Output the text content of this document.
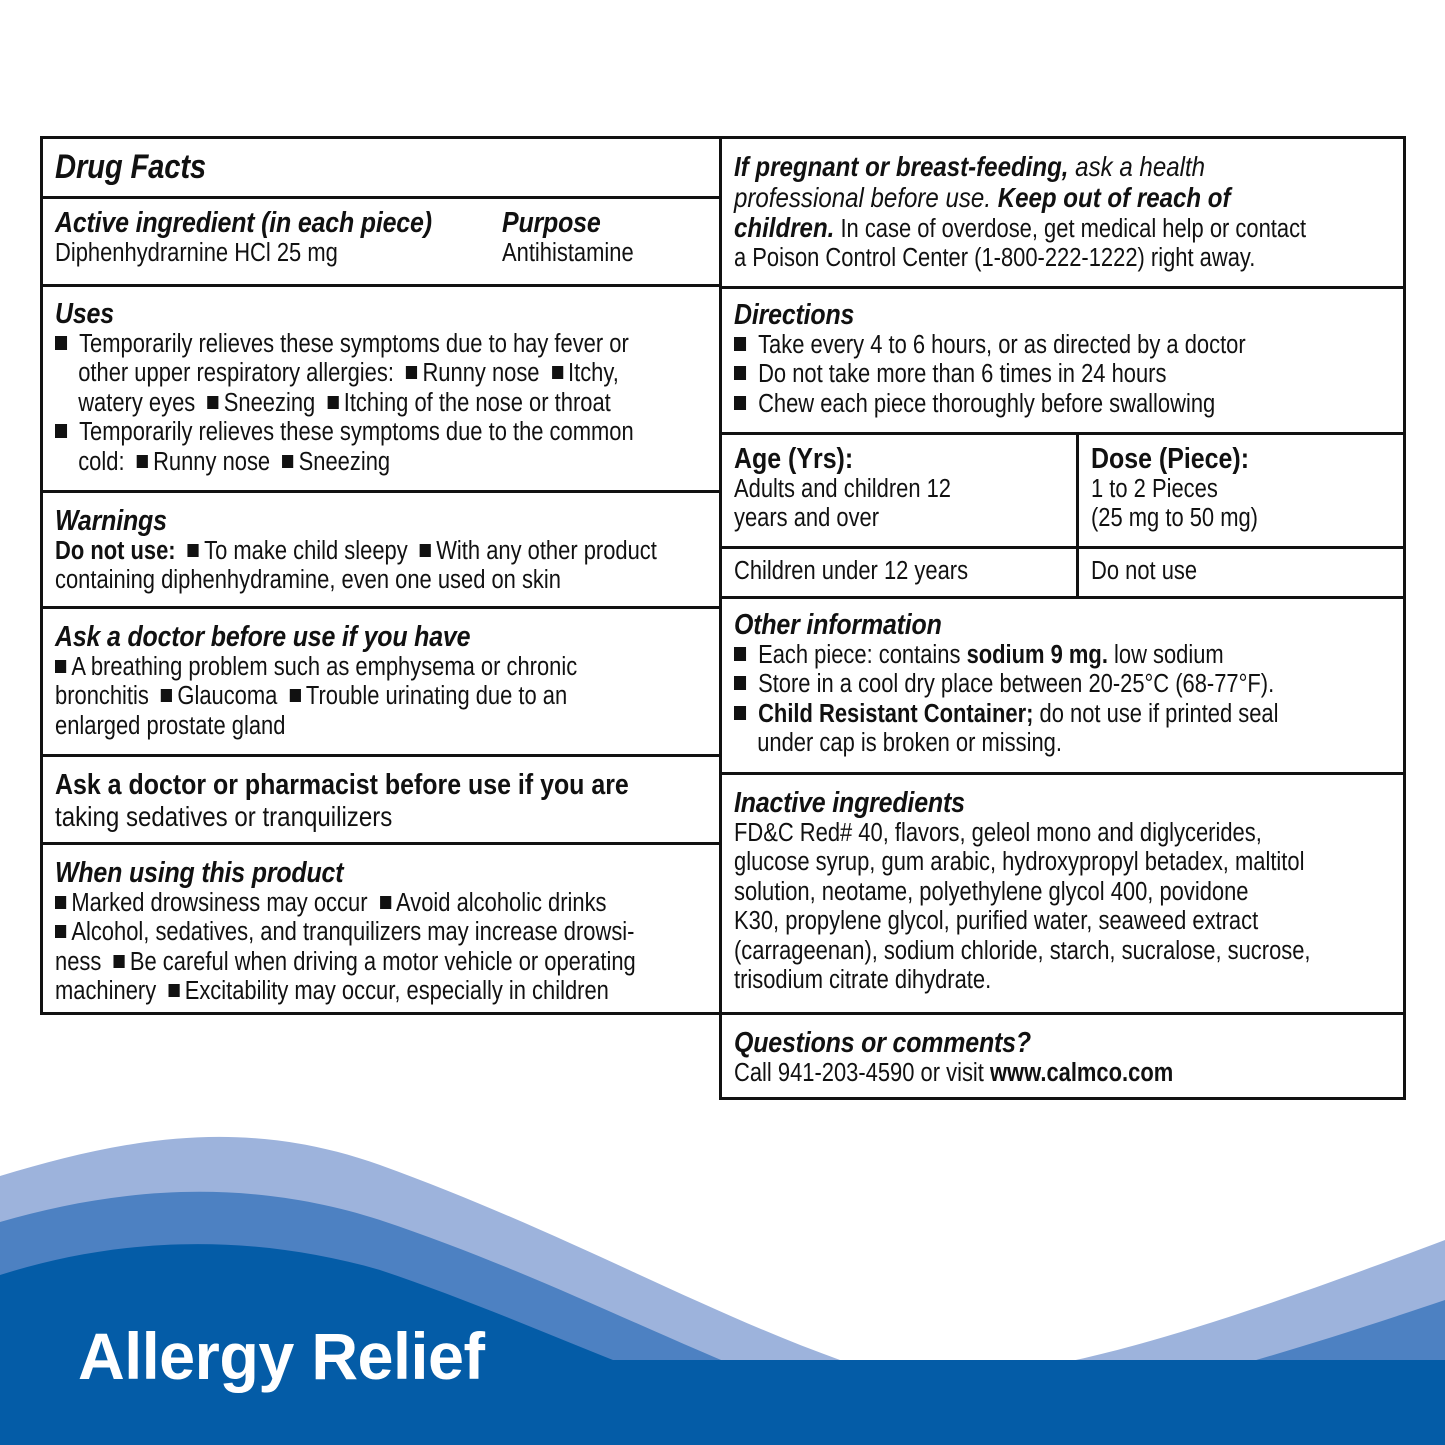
Drug Facts
Active ingredient (in each piece)
Diphenhydrarnine HCl 25 mg
Purpose
Antihistamine
Uses
Temporarily relieves these symptoms due to hay fever or
other upper respiratory allergies: Runny nose Itchy,
watery eyes Sneezing Itching of the nose or throat
Temporarily relieves these symptoms due to the common
cold: Runny nose Sneezing
Warnings
Do not use: To make child sleepy With any other product
containing diphenhydramine, even one used on skin
Ask a doctor before use if you have
A breathing problem such as emphysema or chronic
bronchitis Glaucoma Trouble urinating due to an
enlarged prostate gland
Ask a doctor or pharmacist before use if you are
taking sedatives or tranquilizers
When using this product
Marked drowsiness may occur Avoid alcoholic drinks
Alcohol, sedatives, and tranquilizers may increase drowsi-
ness Be careful when driving a motor vehicle or operating
machinery Excitability may occur, especially in children
If pregnant or breast-feeding, ask a health
professional before use. Keep out of reach of
children. In case of overdose, get medical help or contact
a Poison Control Center (1-800-222-1222) right away.
Directions
Take every 4 to 6 hours, or as directed by a doctor
Do not take more than 6 times in 24 hours
Chew each piece thoroughly before swallowing
Age (Yrs):
Adults and children 12
years and over
Dose (Piece):
1 to 2 Pieces
(25 mg to 50 mg)
Children under 12 years	Do not use
Other information
Each piece: contains sodium 9 mg. low sodium
Store in a cool dry place between 20-25°C (68-77°F).
Child Resistant Container; do not use if printed seal
under cap is broken or missing.
Inactive ingredients
FD&C Red# 40, flavors, geleol mono and diglycerides,
glucose syrup, gum arabic, hydroxypropyl betadex, maltitol
solution, neotame, polyethylene glycol 400, povidone
K30, propylene glycol, purified water, seaweed extract
(carrageenan), sodium chloride, starch, sucralose, sucrose,
trisodium citrate dihydrate.
Questions or comments?
Call 941-203-4590 or visit www.calmco.com
Allergy Relief
